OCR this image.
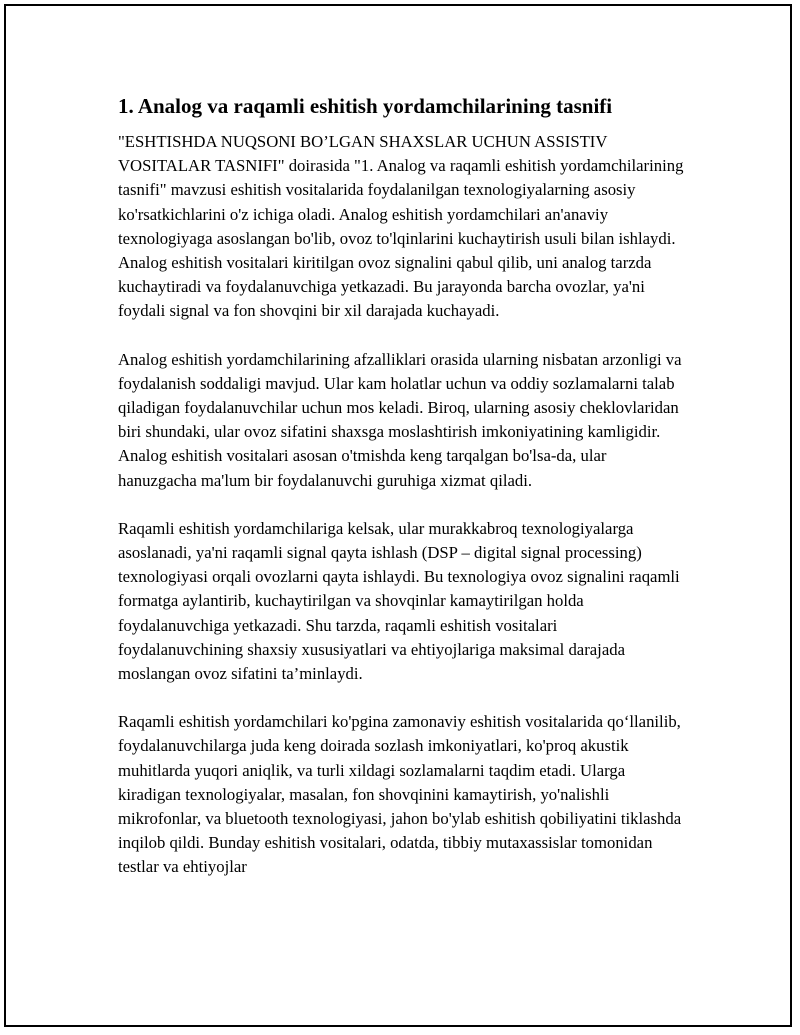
1. Analog va raqamli eshitish yordamchilarining tasnifi

"ESHTISHDA NUQSONI BO’LGAN SHAXSLAR UCHUN ASSISTIV VOSITALAR TASNIFI" doirasida "1. Analog va raqamli eshitish yordamchilarining tasnifi" mavzusi eshitish vositalarida foydalanilgan texnologiyalarning asosiy ko'rsatkichlarini o'z ichiga oladi. Analog eshitish yordamchilari an'anaviy texnologiyaga asoslangan bo'lib, ovoz to'lqinlarini kuchaytirish usuli bilan ishlaydi. Analog eshitish vositalari kiritilgan ovoz signalini qabul qilib, uni analog tarzda kuchaytiradi va foydalanuvchiga yetkazadi. Bu jarayonda barcha ovozlar, ya'ni foydali signal va fon shovqini bir xil darajada kuchayadi.

Analog eshitish yordamchilarining afzalliklari orasida ularning nisbatan arzonligi va foydalanish soddaligi mavjud. Ular kam holatlar uchun va oddiy sozlamalarni talab qiladigan foydalanuvchilar uchun mos keladi. Biroq, ularning asosiy cheklovlaridan biri shundaki, ular ovoz sifatini shaxsga moslashtirish imkoniyatining kamligidir. Analog eshitish vositalari asosan o'tmishda keng tarqalgan bo'lsa-da, ular hanuzgacha ma'lum bir foydalanuvchi guruhiga xizmat qiladi.

Raqamli eshitish yordamchilariga kelsak, ular murakkabroq texnologiyalarga asoslanadi, ya'ni raqamli signal qayta ishlash (DSP – digital signal processing) texnologiyasi orqali ovozlarni qayta ishlaydi. Bu texnologiya ovoz signalini raqamli formatga aylantirib, kuchaytirilgan va shovqinlar kamaytirilgan holda foydalanuvchiga yetkazadi. Shu tarzda, raqamli eshitish vositalari foydalanuvchining shaxsiy xususiyatlari va ehtiyojlariga maksimal darajada moslangan ovoz sifatini ta’minlaydi.

Raqamli eshitish yordamchilari ko'pgina zamonaviy eshitish vositalarida qo‘llanilib, foydalanuvchilarga juda keng doirada sozlash imkoniyatlari, ko'proq akustik muhitlarda yuqori aniqlik, va turli xildagi sozlamalarni taqdim etadi. Ularga kiradigan texnologiyalar, masalan, fon shovqinini kamaytirish, yo'nalishli mikrofonlar, va bluetooth texnologiyasi, jahon bo'ylab eshitish qobiliyatini tiklashda inqilob qildi. Bunday eshitish vositalari, odatda, tibbiy mutaxassislar tomonidan testlar va ehtiyojlar
